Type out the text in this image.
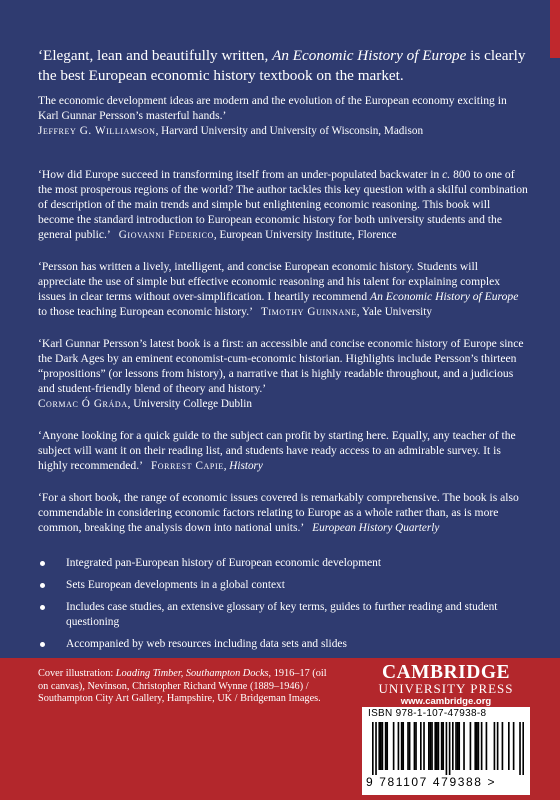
‘Elegant, lean and beautifully written, An Economic History of Europe is clearly the best European economic history textbook on the market.

The economic development ideas are modern and the evolution of the European economy exciting in Karl Gunnar Persson’s masterful hands.’
Jeffrey G. Williamson, Harvard University and University of Wisconsin, Madison

‘How did Europe succeed in transforming itself from an under-populated backwater in c. 800 to one of the most prosperous regions of the world? The author tackles this key question with a skilful combination of description of the main trends and simple but enlightening economic reasoning. This book will become the standard introduction to European economic history for both university students and the general public.’ Giovanni Federico, European University Institute, Florence

‘Persson has written a lively, intelligent, and concise European economic history. Students will appreciate the use of simple but effective economic reasoning and his talent for explaining complex issues in clear terms without over-simplification. I heartily recommend An Economic History of Europe to those teaching European economic history.’ Timothy Guinnane, Yale University

‘Karl Gunnar Persson’s latest book is a first: an accessible and concise economic history of Europe since the Dark Ages by an eminent economist-cum-economic historian. Highlights include Persson’s thirteen “propositions” (or lessons from history), a narrative that is highly readable throughout, and a judicious and student-friendly blend of theory and history.’
Cormac Ó Gráda, University College Dublin

‘Anyone looking for a quick guide to the subject can profit by starting here. Equally, any teacher of the subject will want it on their reading list, and students have ready access to an admirable survey. It is highly recommended.’ Forrest Capie, History

‘For a short book, the range of economic issues covered is remarkably comprehensive. The book is also commendable in considering economic factors relating to Europe as a whole rather than, as is more common, breaking the analysis down into national units.’ European History Quarterly

Integrated pan-European history of European economic development
Sets European developments in a global context
Includes case studies, an extensive glossary of key terms, guides to further reading and student questioning
Accompanied by web resources including data sets and slides
Cover illustration: Loading Timber, Southampton Docks, 1916–17 (oil on canvas), Nevinson, Christopher Richard Wynne (1889–1946) / Southampton City Art Gallery, Hampshire, UK / Bridgeman Images.
CAMBRIDGE
UNIVERSITY PRESS
www.cambridge.org
ISBN 978-1-107-47938-8
9 781107 479388 >
